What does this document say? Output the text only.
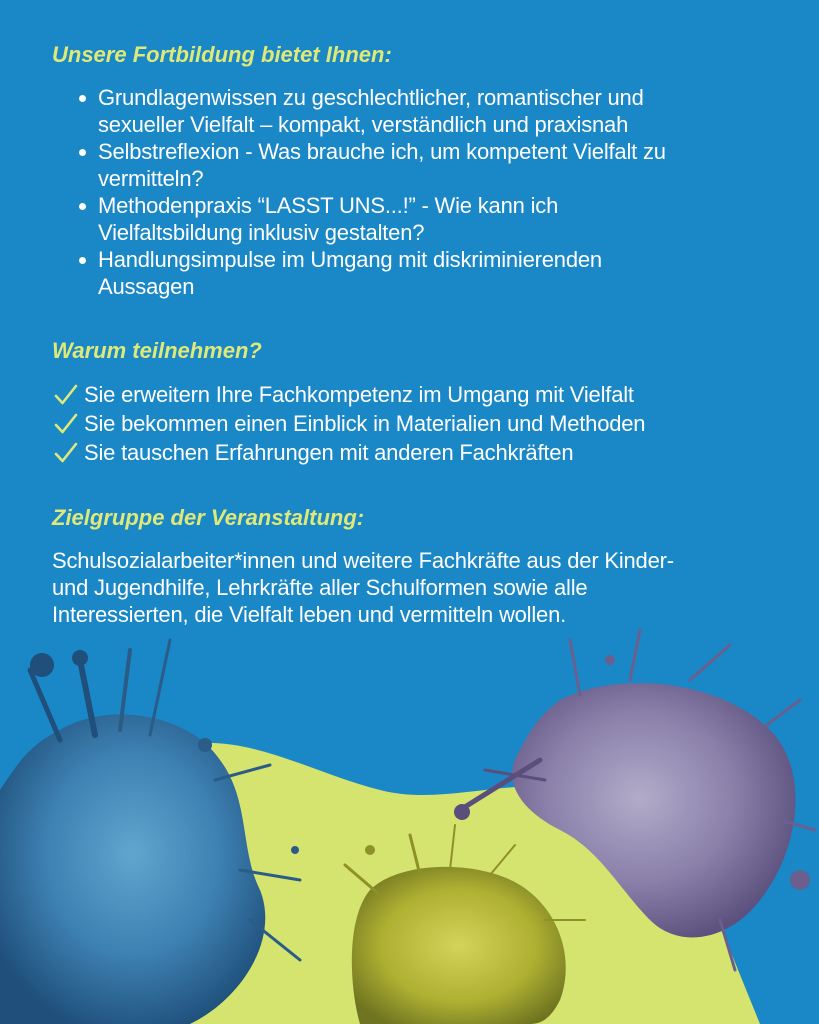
Unsere Fortbildung bietet Ihnen:
Grundlagenwissen zu geschlechtlicher, romantischer und
sexueller Vielfalt – kompakt, verständlich und praxisnah
Selbstreflexion - Was brauche ich, um kompetent Vielfalt zu
vermitteln?
Methodenpraxis “LASST UNS...!” - Wie kann ich
Vielfaltsbildung inklusiv gestalten?
Handlungsimpulse im Umgang mit diskriminierenden
Aussagen
Warum teilnehmen?
Sie erweitern Ihre Fachkompetenz im Umgang mit Vielfalt
Sie bekommen einen Einblick in Materialien und Methoden
Sie tauschen Erfahrungen mit anderen Fachkräften
Zielgruppe der Veranstaltung:

Schulsozialarbeiter*innen und weitere Fachkräfte aus der Kinder-
und Jugendhilfe, Lehrkräfte aller Schulformen sowie alle
Interessierten, die Vielfalt leben und vermitteln wollen.
